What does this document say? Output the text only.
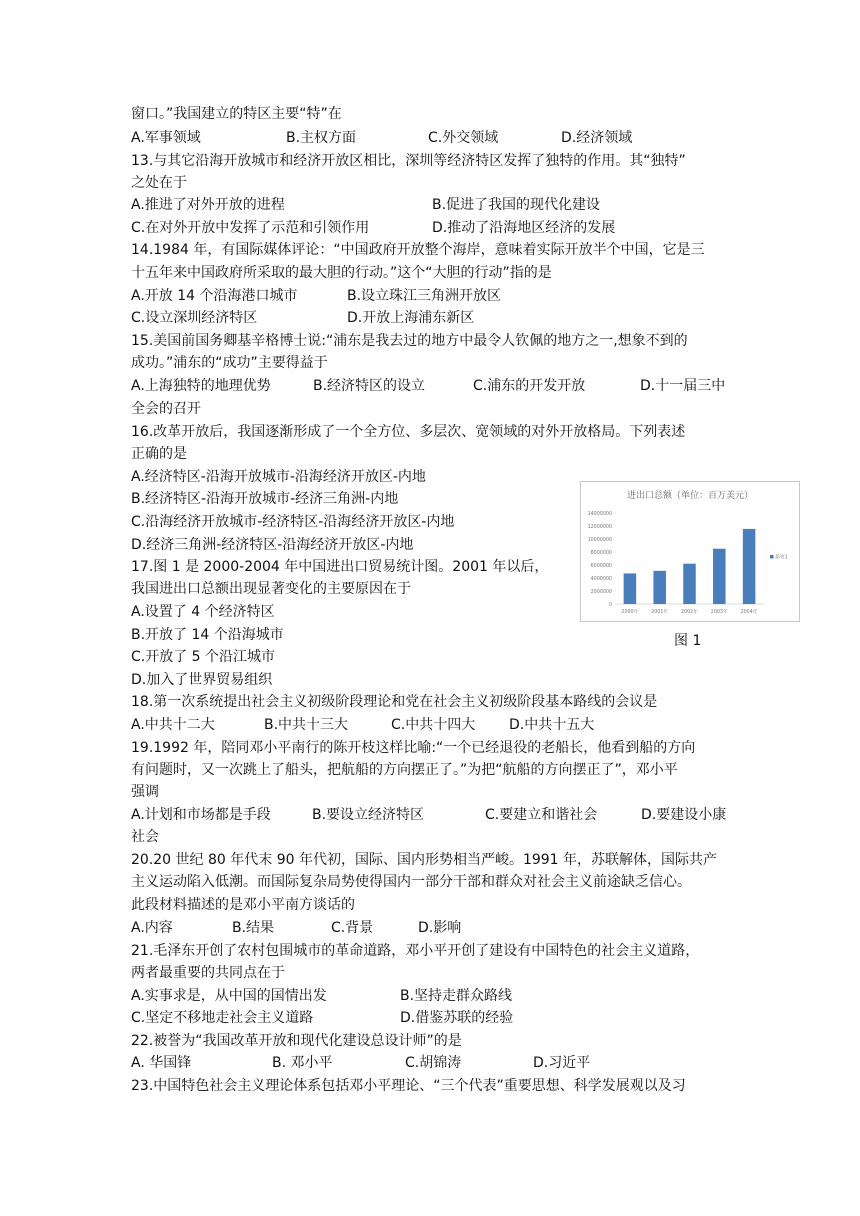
窗口。”我国建立的特区主要“特”在
A.军事领域	B.主权方面	C.外交领域	D.经济领域
13.与其它沿海开放城市和经济开放区相比，深圳等经济特区发挥了独特的作用。其“独特”
之处在于
A.推进了对外开放的进程	B.促进了我国的现代化建设
C.在对外开放中发挥了示范和引领作用	D.推动了沿海地区经济的发展
14.1984 年，有国际媒体评论：“中国政府开放整个海岸，意味着实际开放半个中国，它是三
十五年来中国政府所采取的最大胆的行动。”这个“大胆的行动”指的是
A.开放 14 个沿海港口城市	B.设立珠江三角洲开放区
C.设立深圳经济特区	D.开放上海浦东新区
15.美国前国务卿基辛格博士说:“浦东是我去过的地方中最令人钦佩的地方之一,想象不到的
成功。”浦东的“成功”主要得益于
A.上海独特的地理优势	B.经济特区的设立	C.浦东的开发开放	D.十一届三中
全会的召开
16.改革开放后，我国逐渐形成了一个全方位、多层次、宽领域的对外开放格局。下列表述
正确的是
A.经济特区-沿海开放城市-沿海经济开放区-内地
B.经济特区-沿海开放城市-经济三角洲-内地
C.沿海经济开放城市-经济特区-沿海经济开放区-内地
D.经济三角洲-经济特区-沿海经济开放区-内地
17.图 1 是 2000-2004 年中国进出口贸易统计图。2001 年以后，
我国进出口总额出现显著变化的主要原因在于
A.设置了 4 个经济特区
B.开放了 14 个沿海城市
C.开放了 5 个沿江城市
D.加入了世界贸易组织
进出口总额（单位：百万美元）
14000000
12000000
10000000
8000000
6000000
4000000
2000000
0
2000年	2001年	2002年	2003年	2004年
系列1
图 1
18.第一次系统提出社会主义初级阶段理论和党在社会主义初级阶段基本路线的会议是
A.中共十二大	B.中共十三大	C.中共十四大 D.中共十五大
19.1992 年，陪同邓小平南行的陈开枝这样比喻:“一个已经退役的老船长，他看到船的方向
有问题时，又一次跳上了船头，把航船的方向摆正了。”为把“航船的方向摆正了”，邓小平
强调
A.计划和市场都是手段	B.要设立经济特区	C.要建立和谐社会	D.要建设小康
社会
20.20 世纪 80 年代末 90 年代初，国际、国内形势相当严峻。1991 年，苏联解体，国际共产
主义运动陷入低潮。而国际复杂局势使得国内一部分干部和群众对社会主义前途缺乏信心。
此段材料描述的是邓小平南方谈话的
A.内容	B.结果	C.背景	D.影响
21.毛泽东开创了农村包围城市的革命道路，邓小平开创了建设有中国特色的社会主义道路，
两者最重要的共同点在于
A.实事求是，从中国的国情出发	B.坚持走群众路线
C.坚定不移地走社会主义道路	D.借鉴苏联的经验
22.被誉为“我国改革开放和现代化建设总设计师”的是
A. 华国锋	B. 邓小平	C.胡锦涛	D.习近平
23.中国特色社会主义理论体系包括邓小平理论、“三个代表”重要思想、科学发展观以及习
